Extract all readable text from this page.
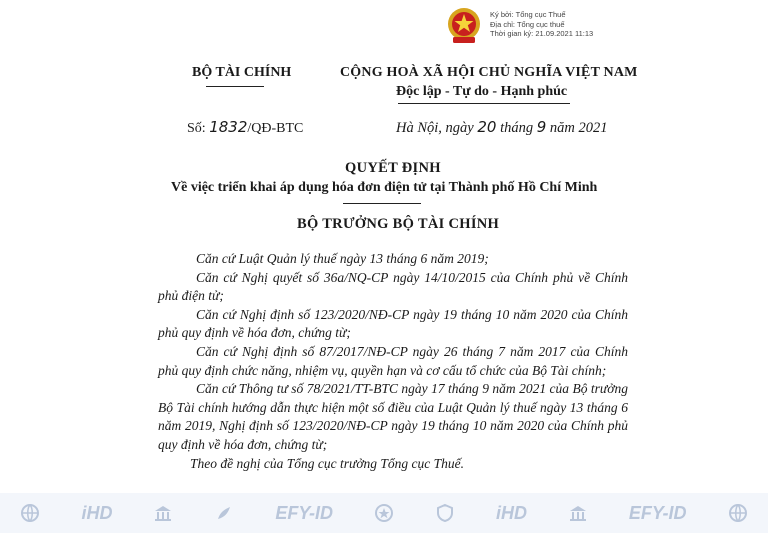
Ký bởi: Tổng cục Thuế
Địa chỉ: Tổng cục thuế
Thời gian ký: 21.09.2021 11:13
BỘ TÀI CHÍNH	CỘNG HOÀ XÃ HỘI CHỦ NGHĨA VIỆT NAM
Độc lập - Tự do - Hạnh phúc
Số: 1832/QĐ-BTC	Hà Nội, ngày 20 tháng 9 năm 2021
QUYẾT ĐỊNH
Về việc triển khai áp dụng hóa đơn điện tử tại Thành phố Hồ Chí Minh
BỘ TRƯỞNG BỘ TÀI CHÍNH

Căn cứ Luật Quản lý thuế ngày 13 tháng 6 năm 2019;

Căn cứ Nghị quyết số 36a/NQ-CP ngày 14/10/2015 của Chính phủ về Chính phủ điện tử;

Căn cứ Nghị định số 123/2020/NĐ-CP ngày 19 tháng 10 năm 2020 của Chính phủ quy định về hóa đơn, chứng từ;

Căn cứ Nghị định số 87/2017/NĐ-CP ngày 26 tháng 7 năm 2017 của Chính phủ quy định chức năng, nhiệm vụ, quyền hạn và cơ cấu tổ chức của Bộ Tài chính;

Căn cứ Thông tư số 78/2021/TT-BTC ngày 17 tháng 9 năm 2021 của Bộ trưởng Bộ Tài chính hướng dẫn thực hiện một số điều của Luật Quản lý thuế ngày 13 tháng 6 năm 2019, Nghị định số 123/2020/NĐ-CP ngày 19 tháng 10 năm 2020 của Chính phủ quy định về hóa đơn, chứng từ;

Theo đề nghị của Tổng cục trưởng Tổng cục Thuế.

iHD	EFY-ID	iHD	EFY-ID
